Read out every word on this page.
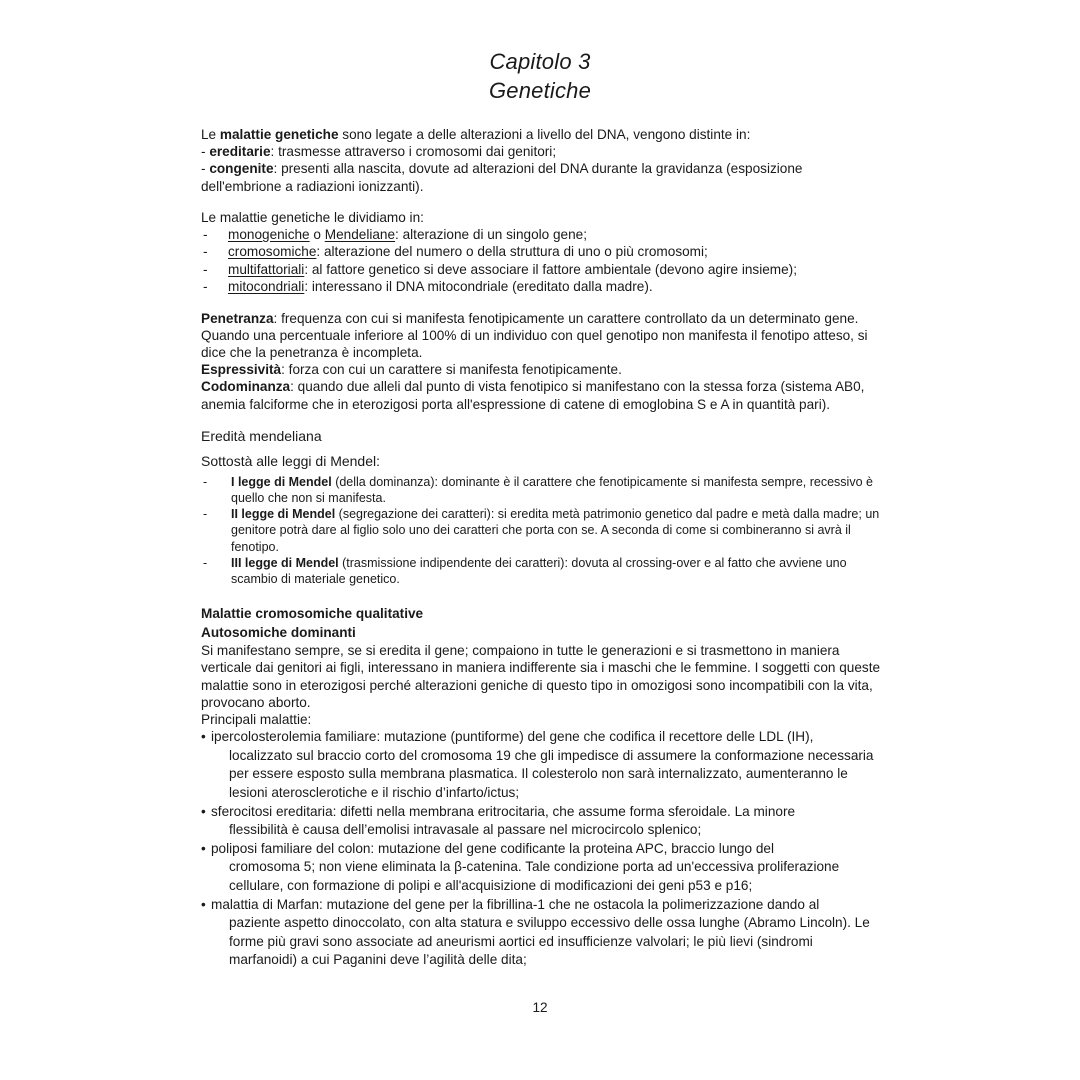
Capitolo 3
Genetiche
Le malattie genetiche sono legate a delle alterazioni a livello del DNA, vengono distinte in:
- ereditarie: trasmesse attraverso i cromosomi dai genitori;
- congenite: presenti alla nascita, dovute ad alterazioni del DNA durante la gravidanza (esposizione dell'embrione a radiazioni ionizzanti).
Le malattie genetiche le dividiamo in:
- monogeniche o Mendeliane: alterazione di un singolo gene;
- cromosomiche: alterazione del numero o della struttura di uno o più cromosomi;
- multifattoriali: al fattore genetico si deve associare il fattore ambientale (devono agire insieme);
- mitocondriali: interessano il DNA mitocondriale (ereditato dalla madre).
Penetranza: frequenza con cui si manifesta fenotipicamente un carattere controllato da un determinato gene. Quando una percentuale inferiore al 100% di un individuo con quel genotipo non manifesta il fenotipo atteso, si dice che la penetranza è incompleta.
Espressività: forza con cui un carattere si manifesta fenotipicamente.
Codominanza: quando due alleli dal punto di vista fenotipico si manifestano con la stessa forza (sistema AB0, anemia falciforme che in eterozigosi porta all'espressione di catene di emoglobina S e A in quantità pari).
Eredità mendeliana
Sottostà alle leggi di Mendel:
- I legge di Mendel (della dominanza): dominante è il carattere che fenotipicamente si manifesta sempre, recessivo è quello che non si manifesta.
- II legge di Mendel (segregazione dei caratteri): si eredita metà patrimonio genetico dal padre e metà dalla madre; un genitore potrà dare al figlio solo uno dei caratteri che porta con se. A seconda di come si combineranno si avrà il fenotipo.
- III legge di Mendel (trasmissione indipendente dei caratteri): dovuta al crossing-over e al fatto che avviene uno scambio di materiale genetico.
Malattie cromosomiche qualitative
Autosomiche dominanti
Si manifestano sempre, se si eredita il gene; compaiono in tutte le generazioni e si trasmettono in maniera verticale dai genitori ai figli, interessano in maniera indifferente sia i maschi che le femmine. I soggetti con queste malattie sono in eterozigosi perché alterazioni geniche di questo tipo in omozigosi sono incompatibili con la vita, provocano aborto.
Principali malattie:
• ipercolosterolemia familiare: mutazione (puntiforme) del gene che codifica il recettore delle LDL (IH),
localizzato sul braccio corto del cromosoma 19 che gli impedisce di assumere la conformazione necessaria per essere esposto sulla membrana plasmatica. Il colesterolo non sarà internalizzato, aumenteranno le lesioni aterosclerotiche e il rischio d’infarto/ictus;
• sferocitosi ereditaria: difetti nella membrana eritrocitaria, che assume forma sferoidale. La minore
flessibilità è causa dell’emolisi intravasale al passare nel microcircolo splenico;
• poliposi familiare del colon: mutazione del gene codificante la proteina APC, braccio lungo del
cromosoma 5; non viene eliminata la β-catenina. Tale condizione porta ad un'eccessiva proliferazione cellulare, con formazione di polipi e all'acquisizione di modificazioni dei geni p53 e p16;
• malattia di Marfan: mutazione del gene per la fibrillina-1 che ne ostacola la polimerizzazione dando al
paziente aspetto dinoccolato, con alta statura e sviluppo eccessivo delle ossa lunghe (Abramo Lincoln). Le forme più gravi sono associate ad aneurismi aortici ed insufficienze valvolari; le più lievi (sindromi marfanoidi) a cui Paganini deve l’agilità delle dita;
12
